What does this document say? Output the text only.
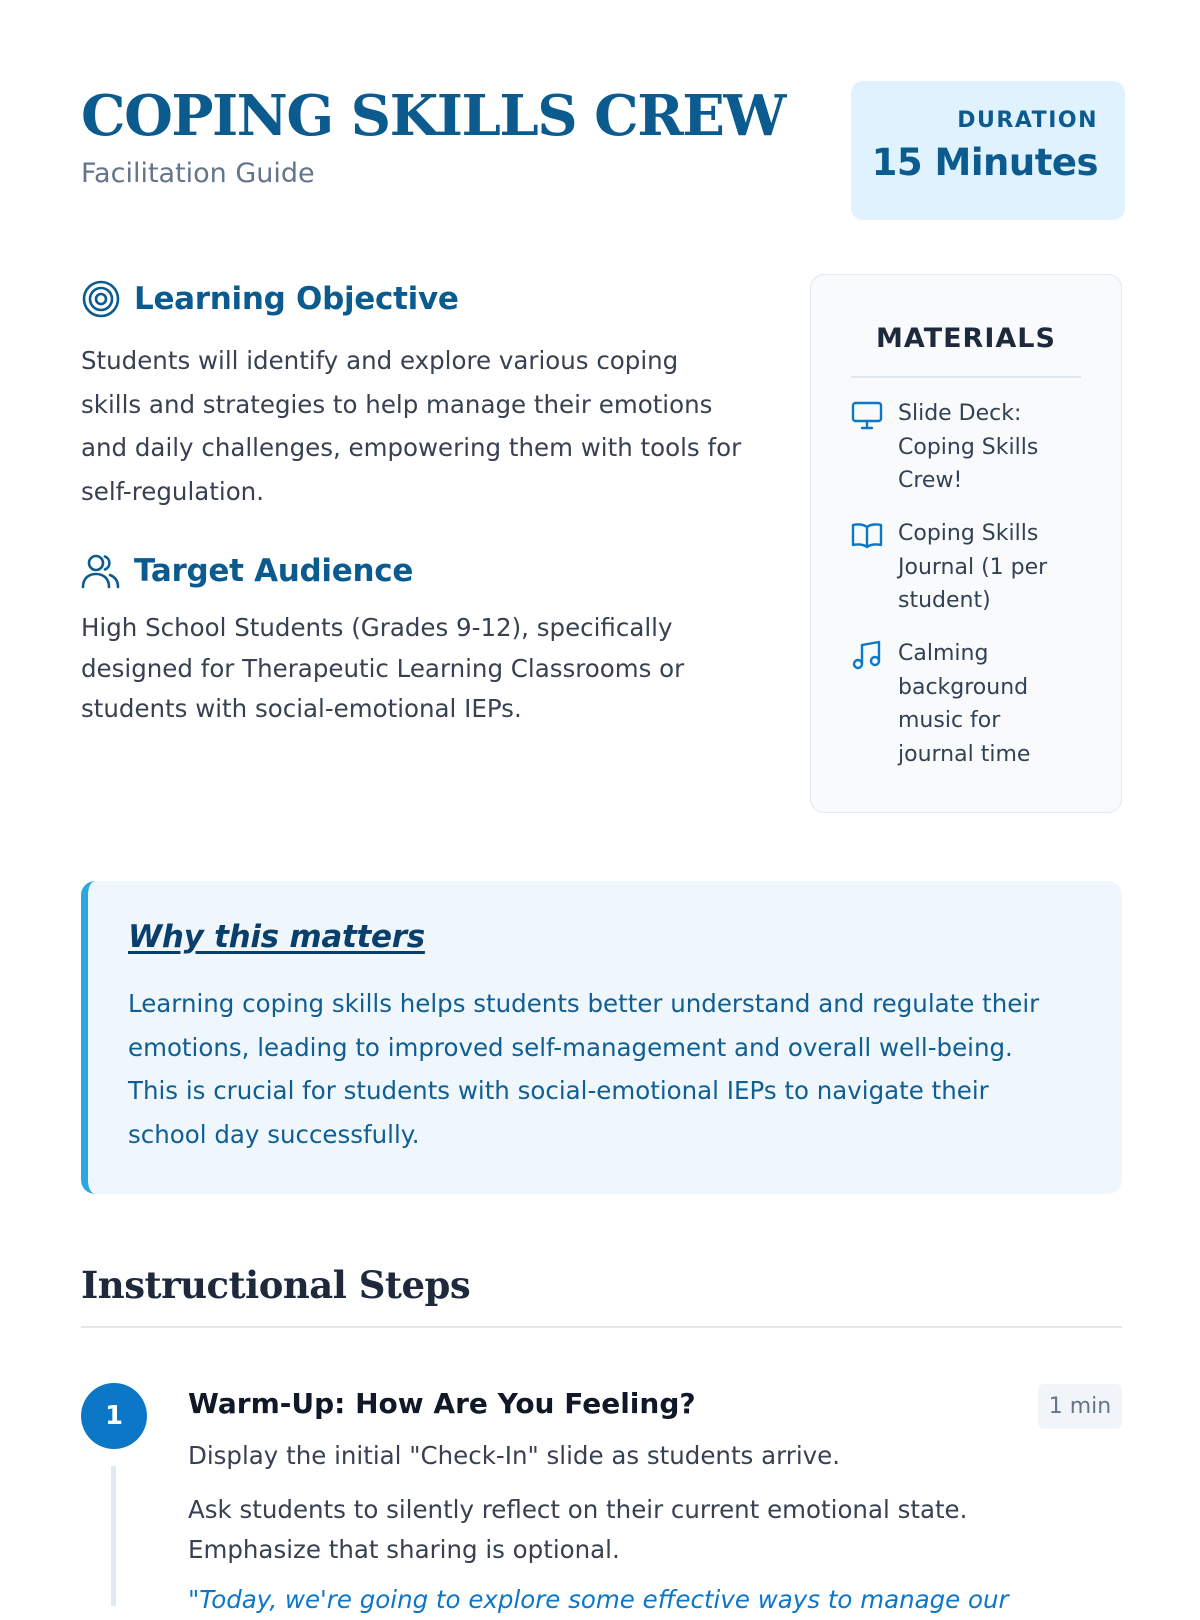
COPING SKILLS CREW
Facilitation Guide
DURATION
15 Minutes
Learning Objective
Students will identify and explore various coping
skills and strategies to help manage their emotions
and daily challenges, empowering them with tools for
self-regulation.
Target Audience
High School Students (Grades 9-12), specifically
designed for Therapeutic Learning Classrooms or
students with social-emotional IEPs.
MATERIALS
Slide Deck:
Coping Skills
Crew!
Coping Skills
Journal (1 per
student)
Calming
background
music for
journal time
Why this matters
Learning coping skills helps students better understand and regulate their
emotions, leading to improved self-management and overall well-being.
This is crucial for students with social-emotional IEPs to navigate their
school day successfully.
Instructional Steps
1	Warm-Up: How Are You Feeling?	1 min
Display the initial "Check-In" slide as students arrive.
Ask students to silently reflect on their current emotional state.
Emphasize that sharing is optional.
"Today, we're going to explore some effective ways to manage our
